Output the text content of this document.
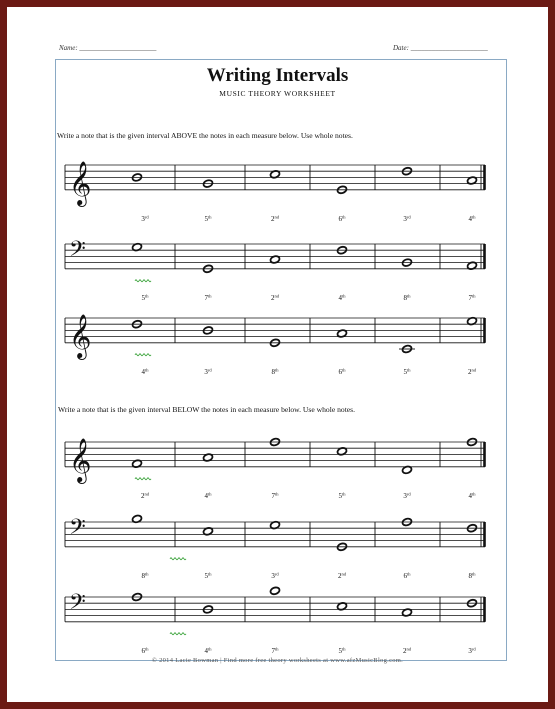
Name: ______________________	Date: ______________________
Writing Intervals
MUSIC THEORY WORKSHEET
Write a note that is the given interval ABOVE the notes in each measure below. Use whole notes.
Write a note that is the given interval BELOW the notes in each measure below. Use whole notes.
𝄞
3rd	5th	2nd	6th	3rd	4th
𝄢
5th	7th	2nd	4th	8th	7th
𝄞
4th	3rd	8th	6th	5th	2nd
𝄞
2nd	4th	7th	5th	3rd	4th
𝄢
8th	5th	3rd	2nd	6th	8th
𝄢
6th	4th	7th	5th	2nd	3rd
© 2014 Lacie Bowman | Find more free theory worksheets at www.afzMusicBlog.com.
